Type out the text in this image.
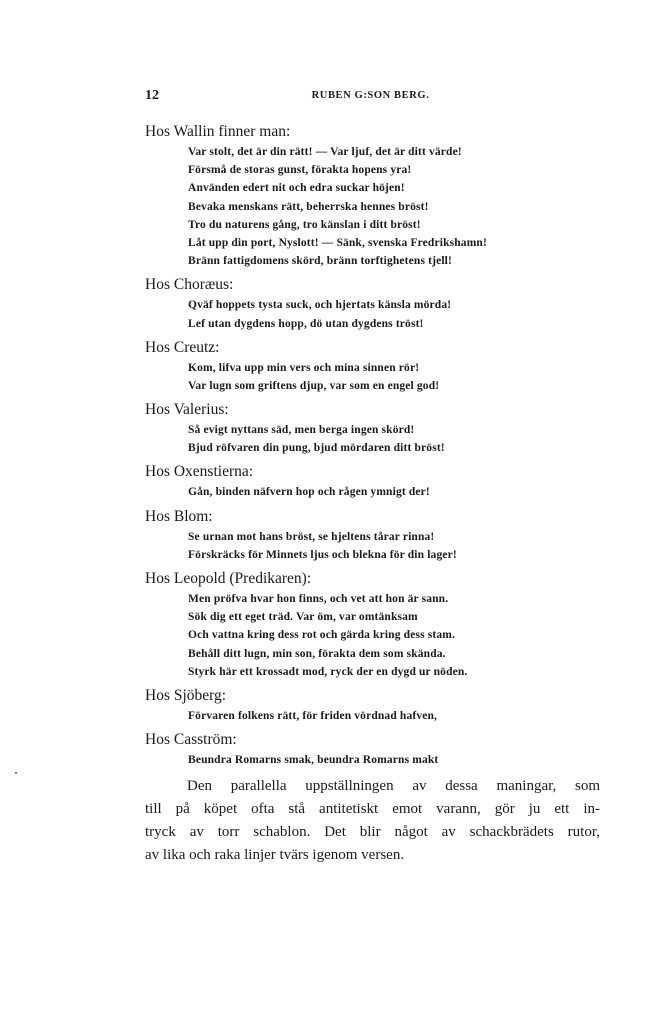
12	RUBEN G:SON BERG.
Hos Wallin finner man:
Var stolt, det är din rätt! — Var ljuf, det är ditt värde!
Försmå de storas gunst, förakta hopens yra!
Använden edert nit och edra suckar höjen!
Bevaka menskans rätt, beherrska hennes bröst!
Tro du naturens gång, tro känslan i ditt bröst!
Låt upp din port, Nyslott! — Sänk, svenska Fredrikshamn!
Bränn fattigdomens skörd, bränn torftighetens tjell!
Hos Choræus:
Qväf hoppets tysta suck, och hjertats känsla mörda!
Lef utan dygdens hopp, dö utan dygdens tröst!
Hos Creutz:
Kom, lifva upp min vers och mina sinnen rör!
Var lugn som griftens djup, var som en engel god!
Hos Valerius:
Så evigt nyttans säd, men berga ingen skörd!
Bjud röfvaren din pung, bjud mördaren ditt bröst!
Hos Oxenstierna:
Gån, binden näfvern hop och rågen ymnigt der!
Hos Blom:
Se urnan mot hans bröst, se hjeltens tårar rinna!
Förskräcks för Minnets ljus och blekna för din lager!
Hos Leopold (Predikaren):
Men pröfva hvar hon finns, och vet att hon är sann.
Sök dig ett eget träd. Var öm, var omtänksam
Och vattna kring dess rot och gärda kring dess stam.
Behåll ditt lugn, min son, förakta dem som skända.
Styrk här ett krossadt mod, ryck der en dygd ur nöden.
Hos Sjöberg:
Förvaren folkens rätt, för friden vördnad hafven,
Hos Casström:
Beundra Romarns smak, beundra Romarns makt
Den parallella uppställningen av dessa maningar, som
till på köpet ofta stå antitetiskt emot varann, gör ju ett in-
tryck av torr schablon. Det blir något av schackbrädets rutor,
av lika och raka linjer tvärs igenom versen.
